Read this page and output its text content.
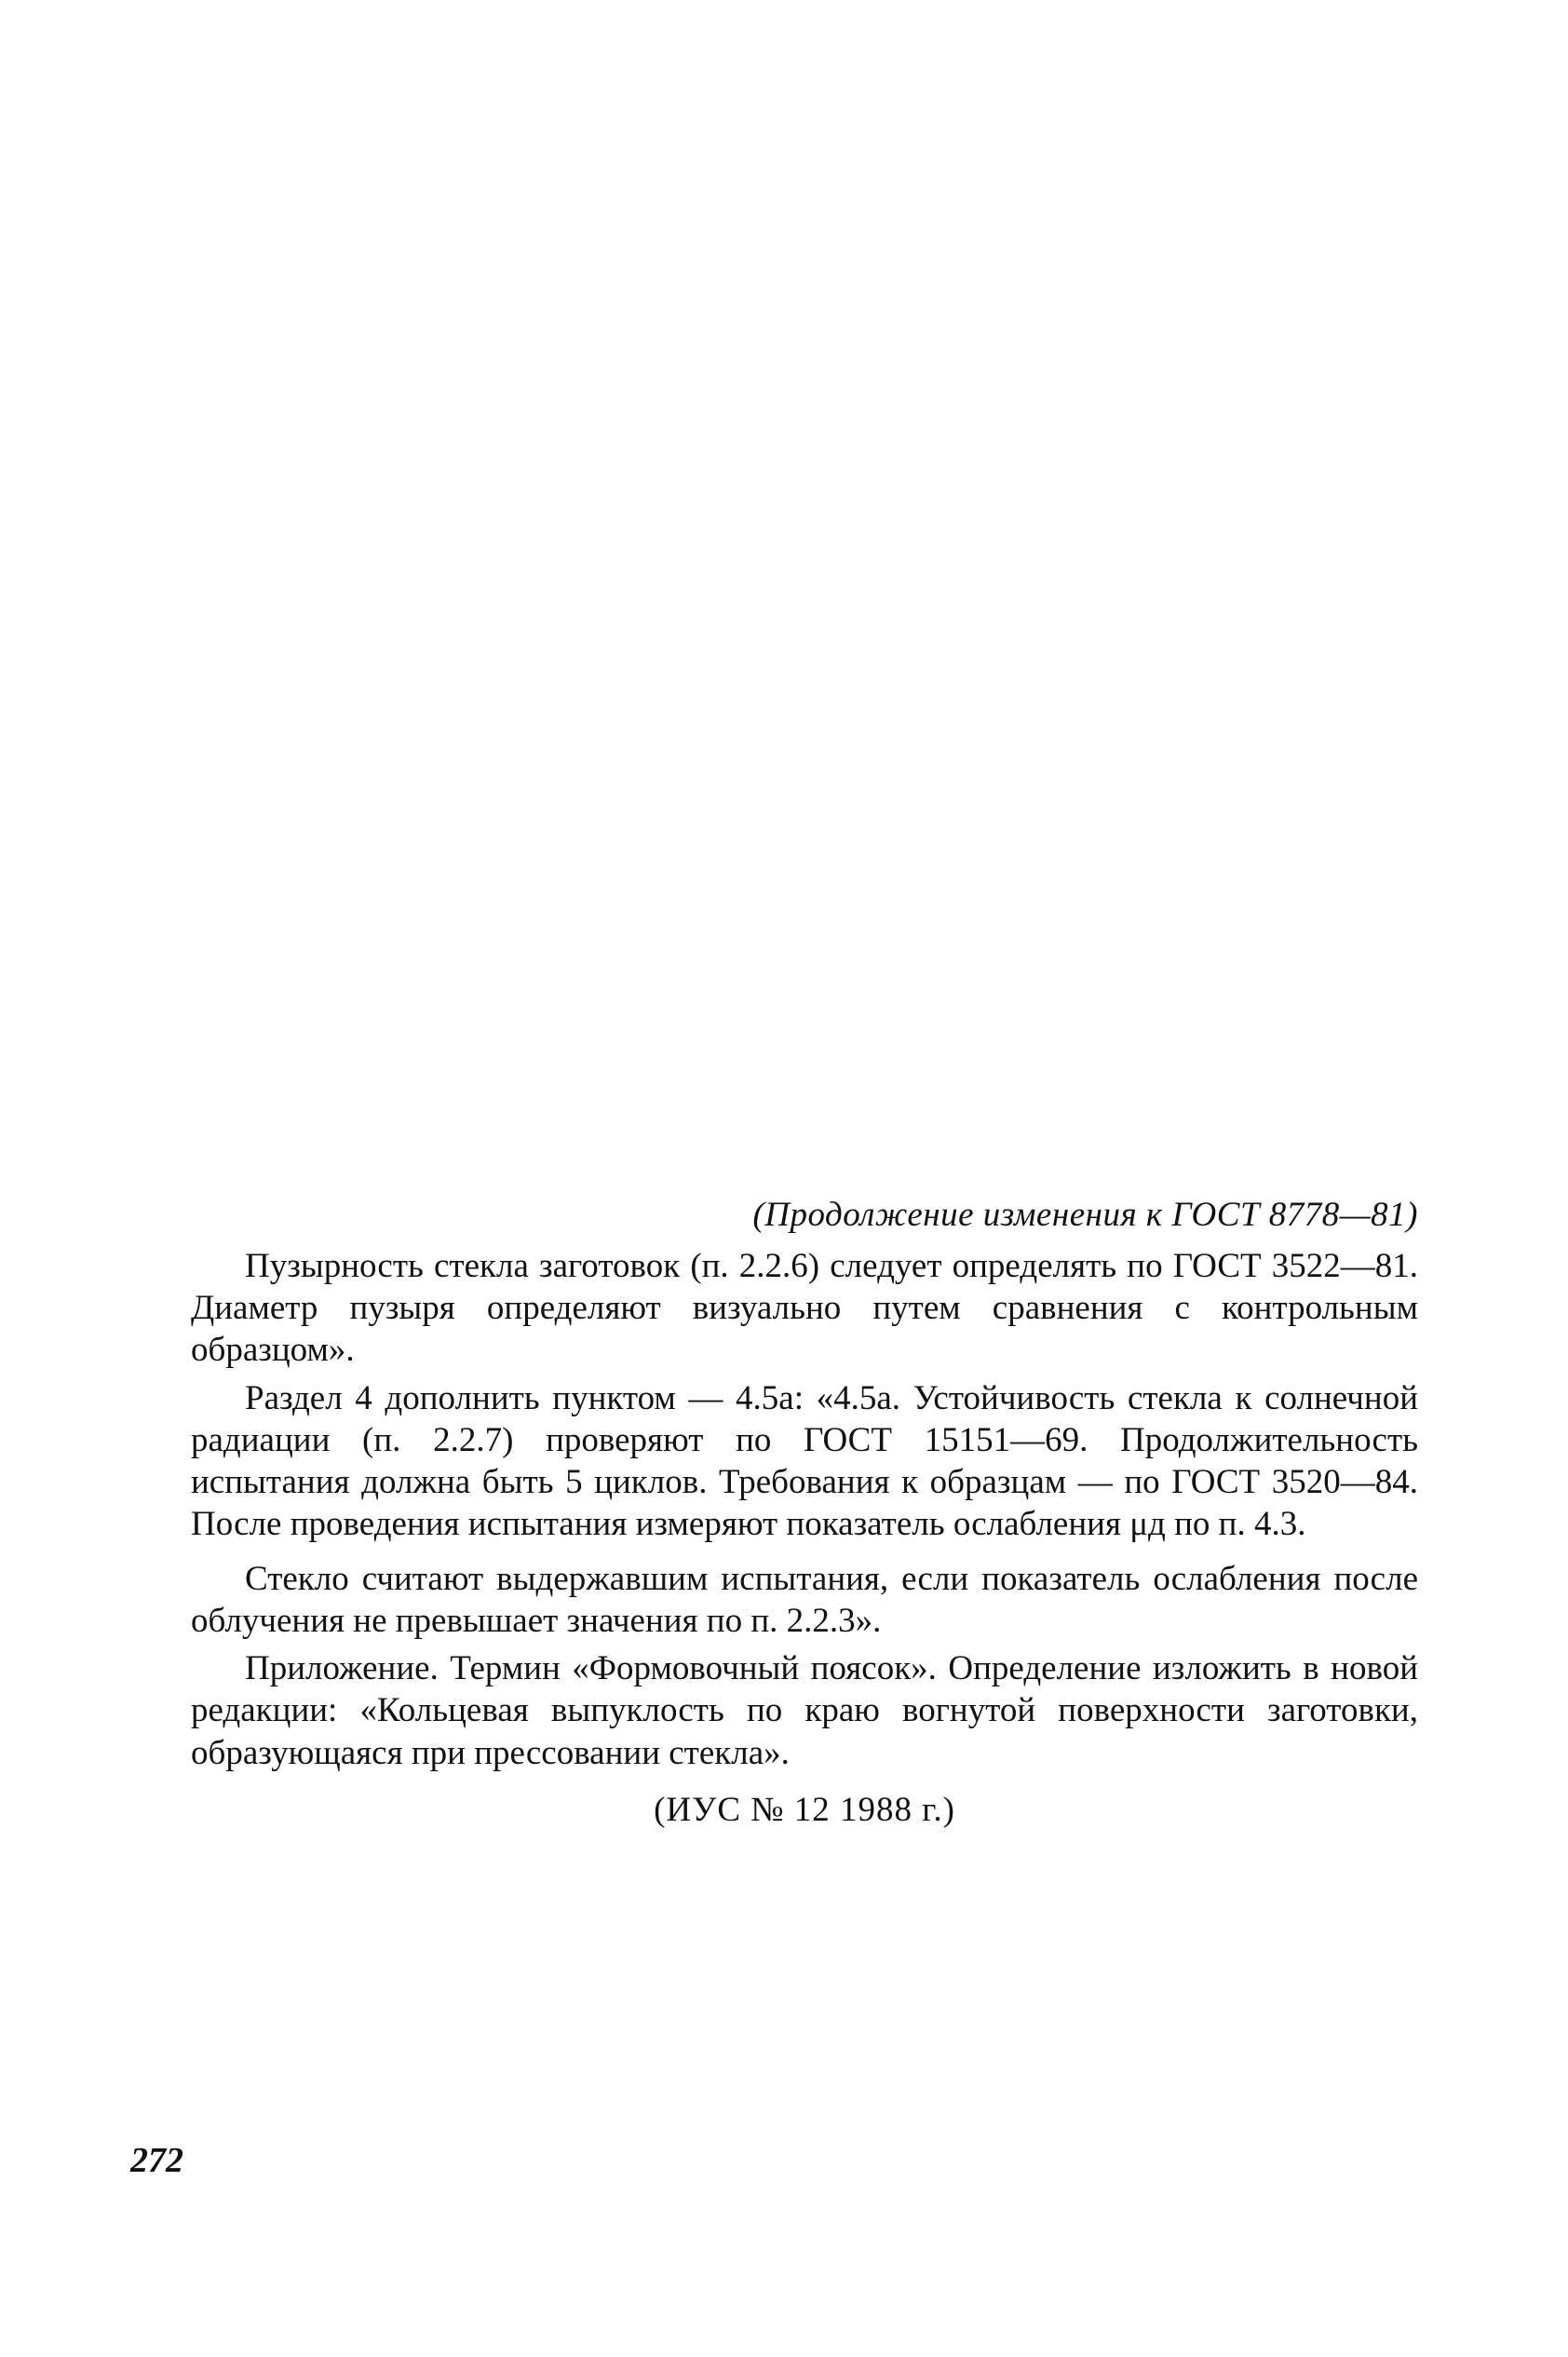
(Продолжение изменения к ГОСТ 8778—81)

Пузырность стекла заготовок (п. 2.2.6) следует определять по ГОСТ 3522—81. Диаметр пузыря определяют визуально путем сравнения с контрольным образцом».

Раздел 4 дополнить пунктом — 4.5а: «4.5а. Устойчивость стекла к солнечной радиации (п. 2.2.7) проверяют по ГОСТ 15151—69. Продолжительность испытания должна быть 5 циклов. Требования к образцам — по ГОСТ 3520—84. После проведения испытания измеряют показатель ослабления μд по п. 4.3.

Стекло считают выдержавшим испытания, если показатель ослабления после облучения не превышает значения по п. 2.2.3».

Приложение. Термин «Формовочный поясок». Определение изложить в новой редакции: «Кольцевая выпуклость по краю вогнутой поверхности заготовки, образующаяся при прессовании стекла».

(ИУС № 12 1988 г.)

272
